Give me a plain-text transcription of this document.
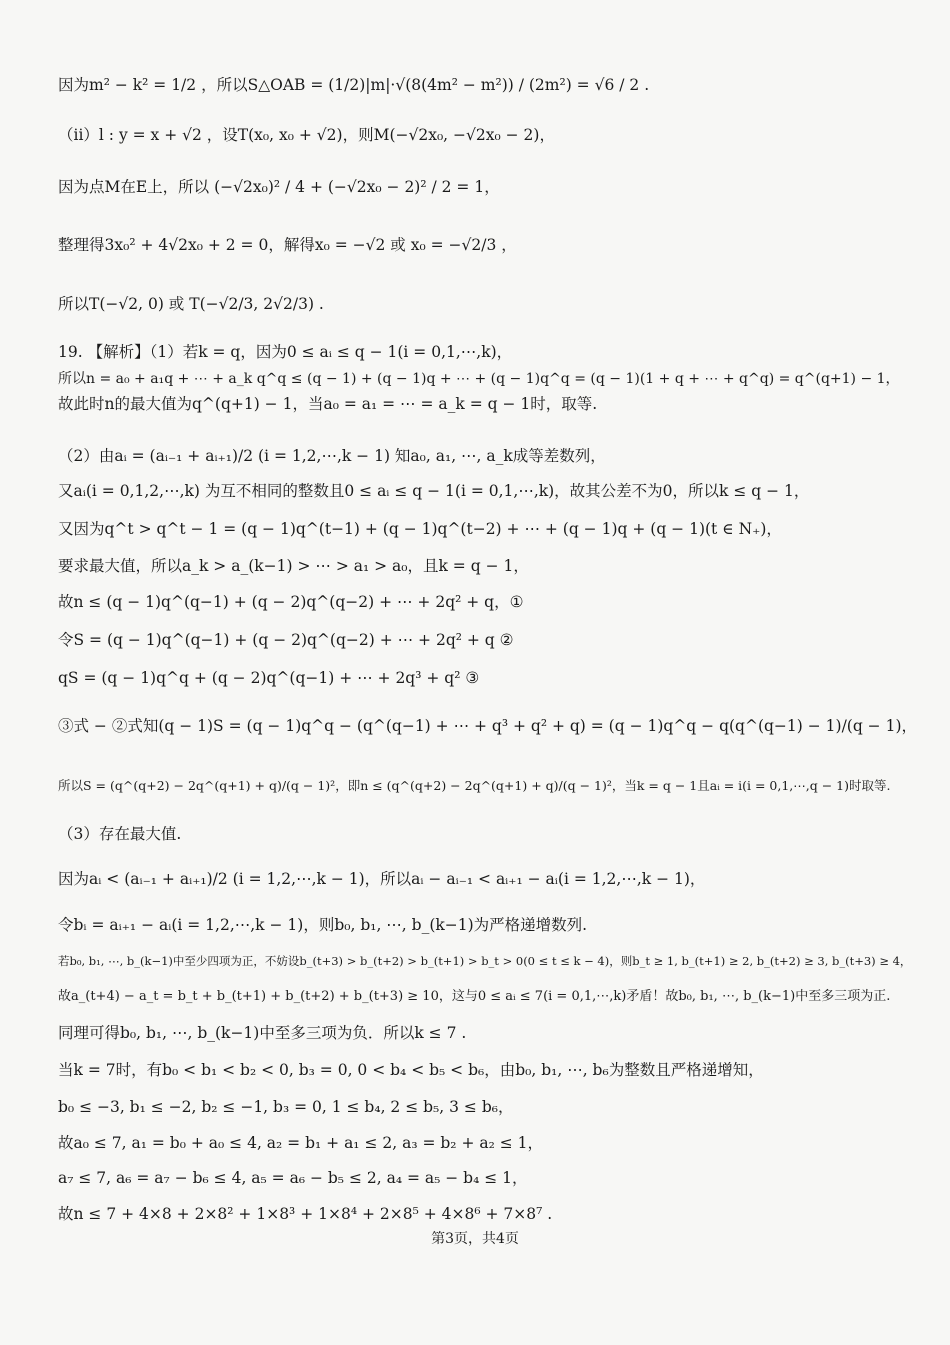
因为m² − k² = 1/2 ，所以S△OAB = (1/2)|m|·√(8(4m² − m²)) / (2m²) = √6 / 2 .
（ii）l : y = x + √2 ，设T(x₀, x₀ + √2)，则M(−√2x₀, −√2x₀ − 2)，
因为点M在E上，所以 (−√2x₀)² / 4 + (−√2x₀ − 2)² / 2 = 1，
整理得3x₀² + 4√2x₀ + 2 = 0，解得x₀ = −√2 或 x₀ = −√2/3 ，
所以T(−√2, 0) 或 T(−√2/3, 2√2/3) .
19. 【解析】（1）若k = q，因为0 ≤ aᵢ ≤ q − 1(i = 0,1,⋯,k)，
所以n = a₀ + a₁q + ⋯ + a_k q^q ≤ (q − 1) + (q − 1)q + ⋯ + (q − 1)q^q = (q − 1)(1 + q + ⋯ + q^q) = q^(q+1) − 1，
故此时n的最大值为q^(q+1) − 1，当a₀ = a₁ = ⋯ = a_k = q − 1时，取等.
（2）由aᵢ = (aᵢ₋₁ + aᵢ₊₁)/2 (i = 1,2,⋯,k − 1) 知a₀, a₁, ⋯, a_k成等差数列，
又aᵢ(i = 0,1,2,⋯,k) 为互不相同的整数且0 ≤ aᵢ ≤ q − 1(i = 0,1,⋯,k)，故其公差不为0，所以k ≤ q − 1，
又因为q^t > q^t − 1 = (q − 1)q^(t−1) + (q − 1)q^(t−2) + ⋯ + (q − 1)q + (q − 1)(t ∈ N₊)，
要求最大值，所以a_k > a_(k−1) > ⋯ > a₁ > a₀，且k = q − 1，
故n ≤ (q − 1)q^(q−1) + (q − 2)q^(q−2) + ⋯ + 2q² + q，①
令S = (q − 1)q^(q−1) + (q − 2)q^(q−2) + ⋯ + 2q² + q ②
qS = (q − 1)q^q + (q − 2)q^(q−1) + ⋯ + 2q³ + q² ③
③式 − ②式知(q − 1)S = (q − 1)q^q − (q^(q−1) + ⋯ + q³ + q² + q) = (q − 1)q^q − q(q^(q−1) − 1)/(q − 1)，
所以S = (q^(q+2) − 2q^(q+1) + q)/(q − 1)²，即n ≤ (q^(q+2) − 2q^(q+1) + q)/(q − 1)²，当k = q − 1且aᵢ = i(i = 0,1,⋯,q − 1)时取等.
（3）存在最大值.
因为aᵢ < (aᵢ₋₁ + aᵢ₊₁)/2 (i = 1,2,⋯,k − 1)，所以aᵢ − aᵢ₋₁ < aᵢ₊₁ − aᵢ(i = 1,2,⋯,k − 1)，
令bᵢ = aᵢ₊₁ − aᵢ(i = 1,2,⋯,k − 1)，则b₀, b₁, ⋯, b_(k−1)为严格递增数列.
若b₀, b₁, ⋯, b_(k−1)中至少四项为正，不妨设b_(t+3) > b_(t+2) > b_(t+1) > b_t > 0(0 ≤ t ≤ k − 4)，则b_t ≥ 1, b_(t+1) ≥ 2, b_(t+2) ≥ 3, b_(t+3) ≥ 4，
故a_(t+4) − a_t = b_t + b_(t+1) + b_(t+2) + b_(t+3) ≥ 10，这与0 ≤ aᵢ ≤ 7(i = 0,1,⋯,k)矛盾！故b₀, b₁, ⋯, b_(k−1)中至多三项为正.
同理可得b₀, b₁, ⋯, b_(k−1)中至多三项为负．所以k ≤ 7 .
当k = 7时，有b₀ < b₁ < b₂ < 0, b₃ = 0, 0 < b₄ < b₅ < b₆，由b₀, b₁, ⋯, b₆为整数且严格递增知，
b₀ ≤ −3, b₁ ≤ −2, b₂ ≤ −1, b₃ = 0, 1 ≤ b₄, 2 ≤ b₅, 3 ≤ b₆，
故a₀ ≤ 7, a₁ = b₀ + a₀ ≤ 4, a₂ = b₁ + a₁ ≤ 2, a₃ = b₂ + a₂ ≤ 1，
a₇ ≤ 7, a₆ = a₇ − b₆ ≤ 4, a₅ = a₆ − b₅ ≤ 2, a₄ = a₅ − b₄ ≤ 1，
故n ≤ 7 + 4×8 + 2×8² + 1×8³ + 1×8⁴ + 2×8⁵ + 4×8⁶ + 7×8⁷ .
第3页，共4页
